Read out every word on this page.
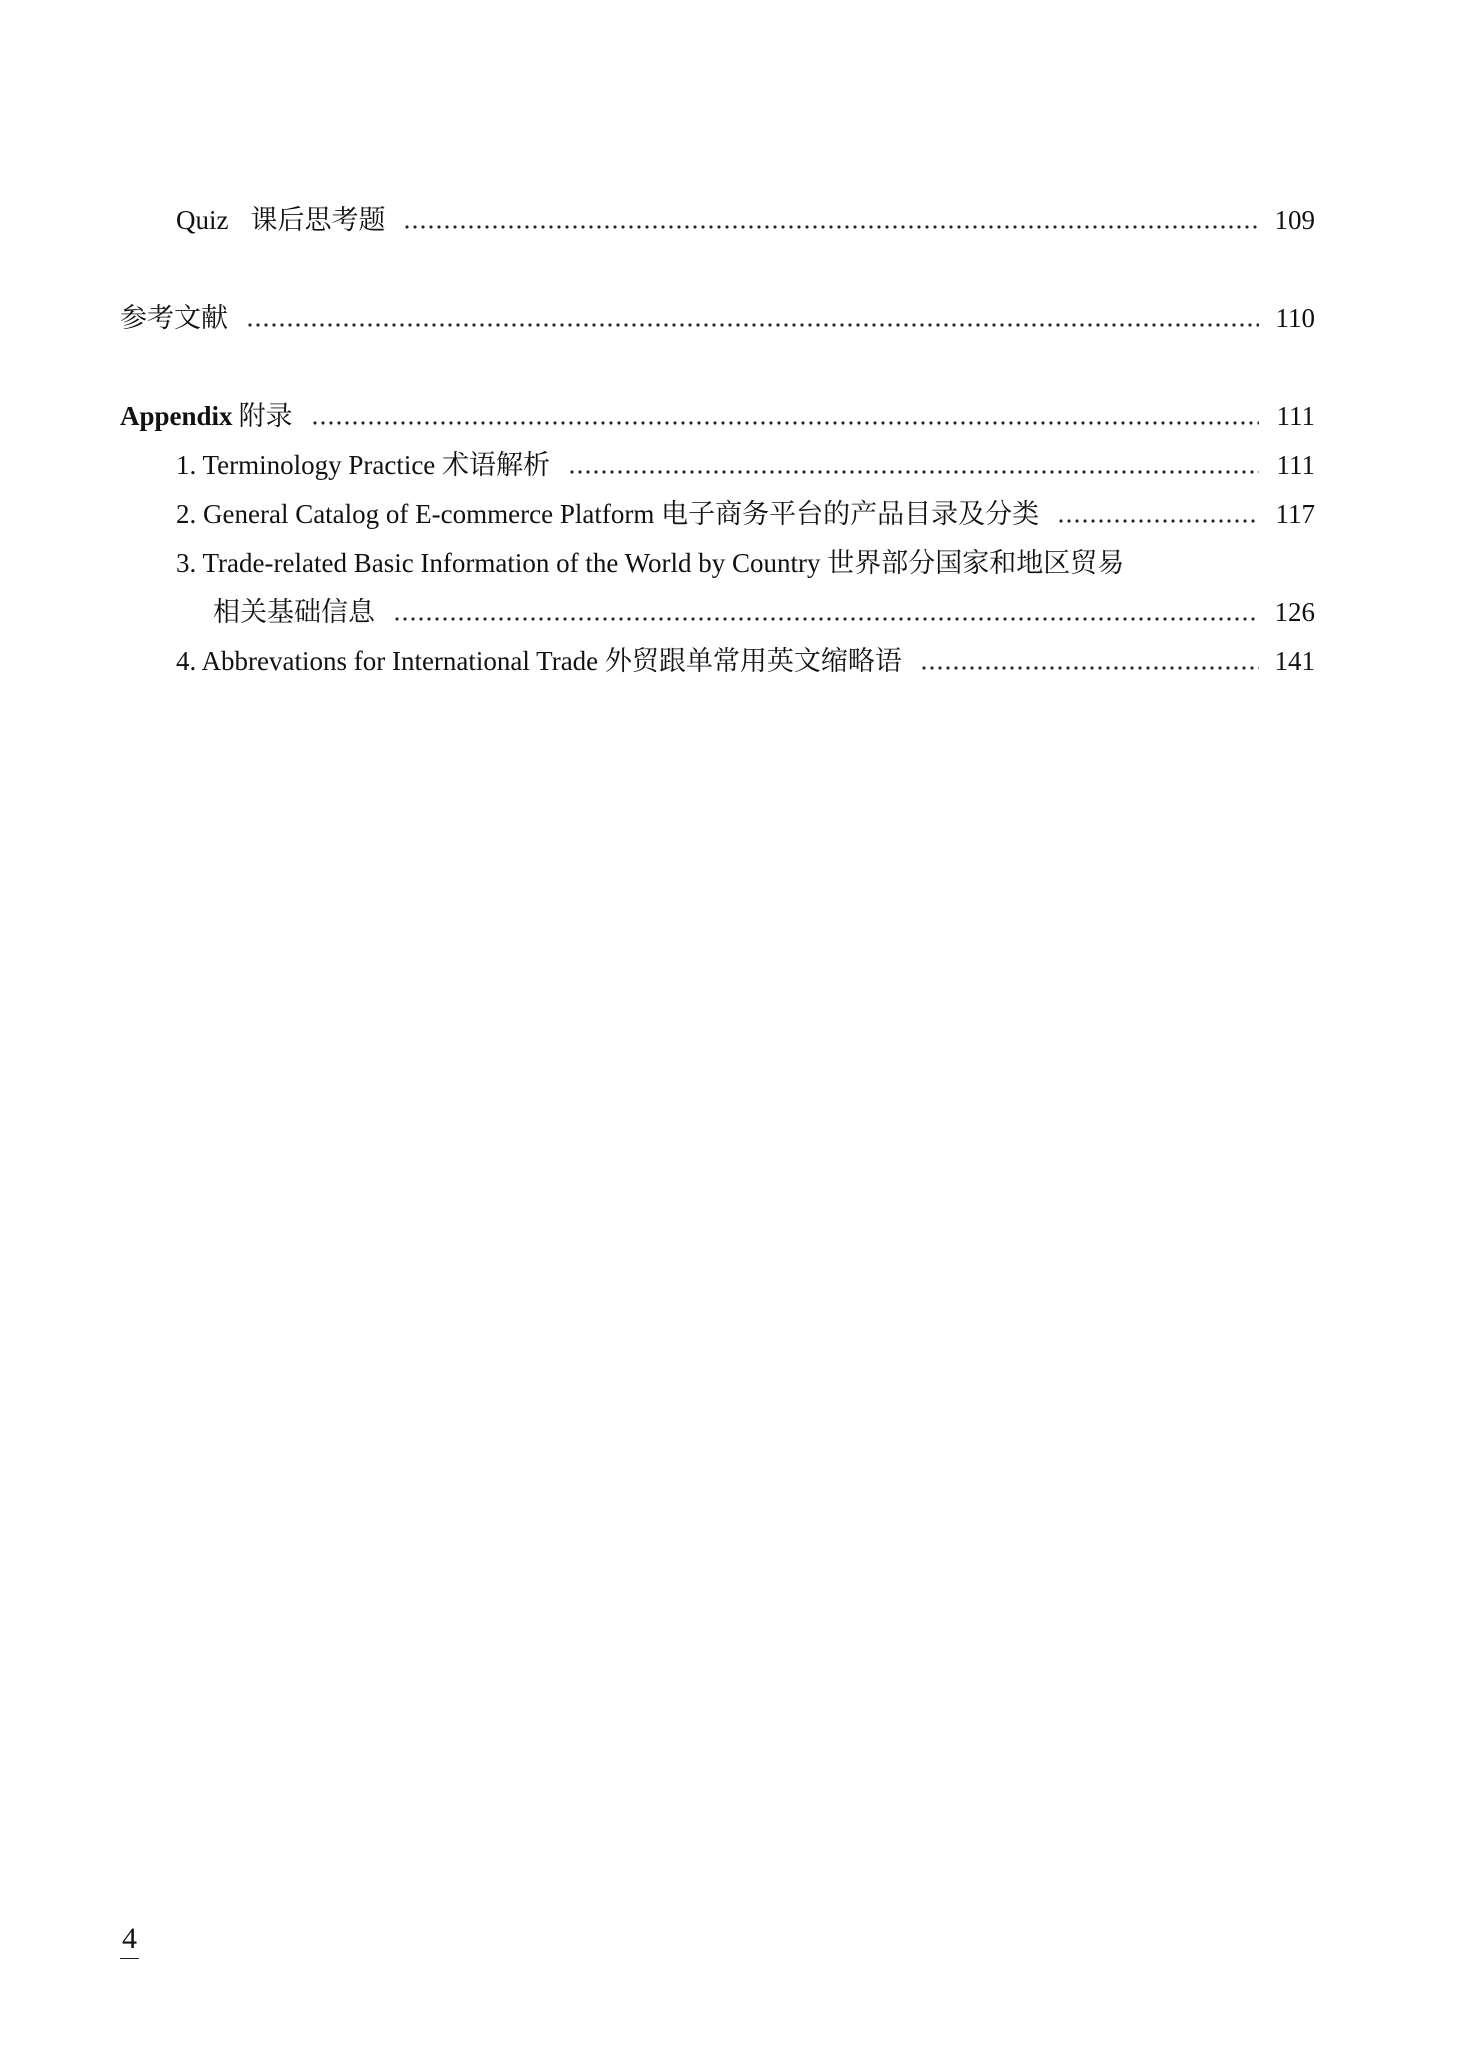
Quiz 课后思考题	109
参考文献	110
Appendix 附录	111
1. Terminology Practice 术语解析	111
2. General Catalog of E-commerce Platform 电子商务平台的产品目录及分类	117
3. Trade-related Basic Information of the World by Country 世界部分国家和地区贸易
相关基础信息	126
4. Abbrevations for International Trade 外贸跟单常用英文缩略语	141
4
